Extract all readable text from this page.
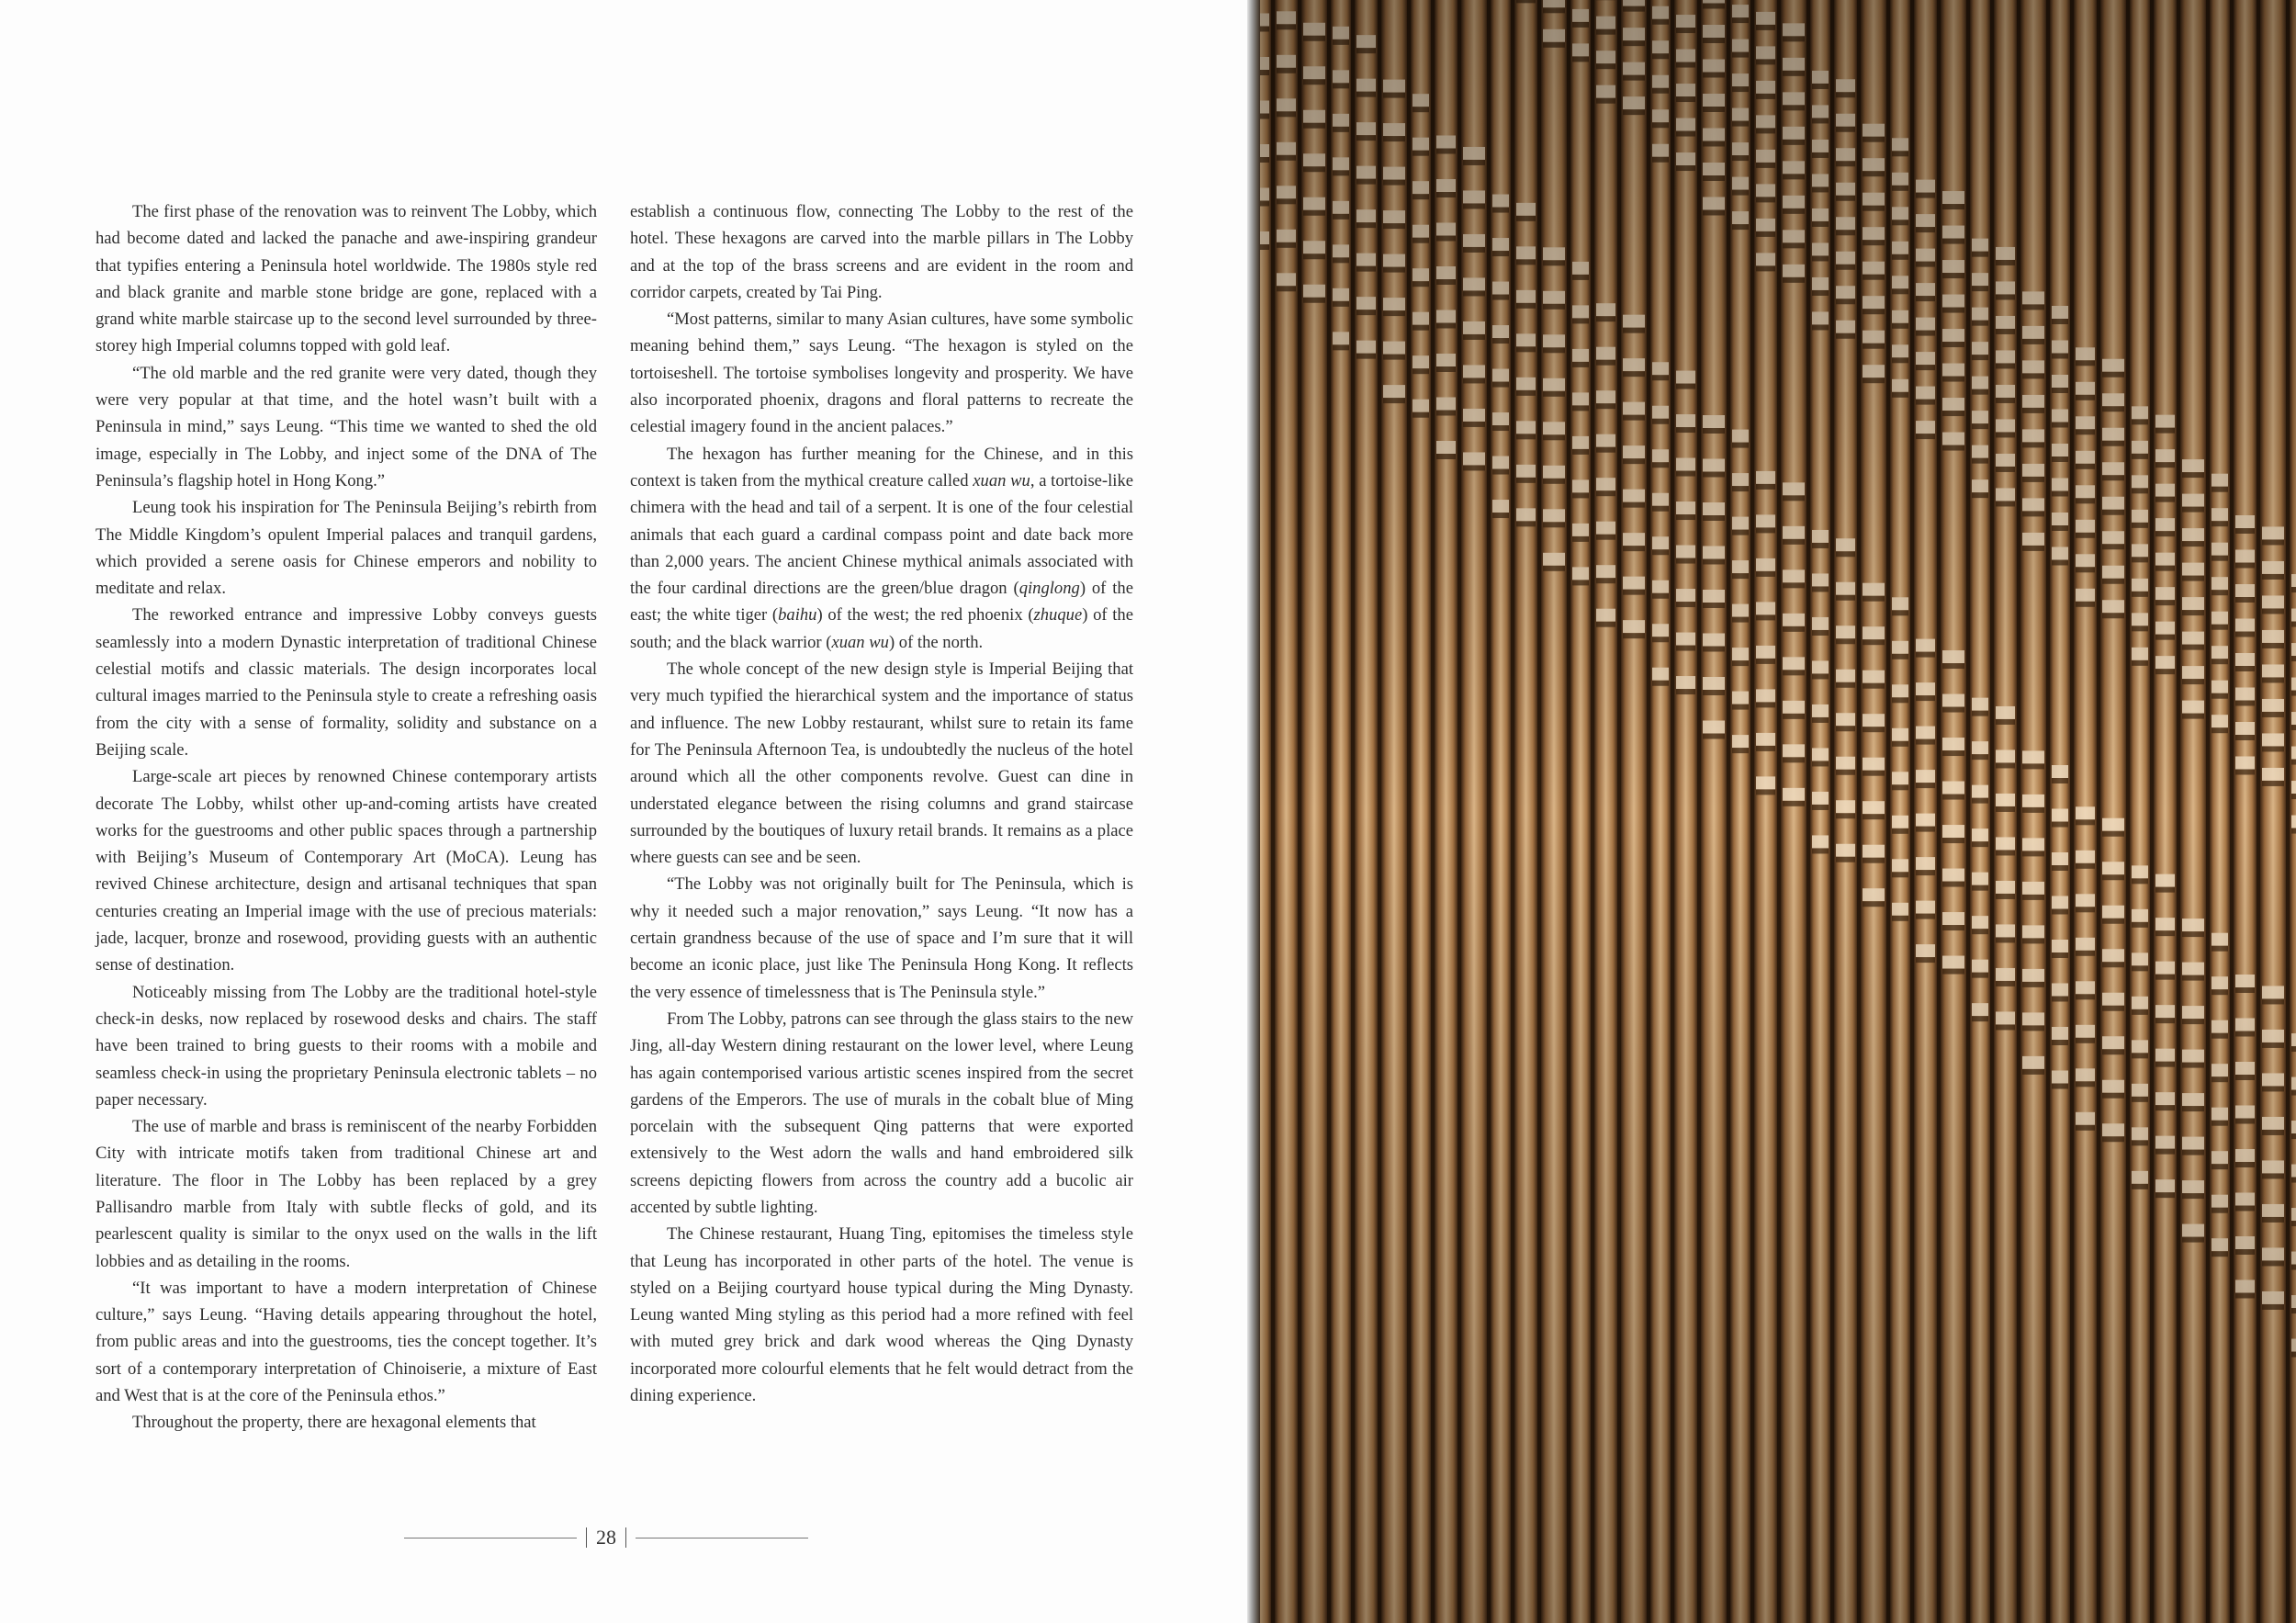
The first phase of the renovation was to reinvent The Lobby, which had become dated and lacked the panache and awe-inspiring grandeur that typifies entering a Peninsula hotel worldwide. The 1980s style red and black granite and marble stone bridge are gone, replaced with a grand white marble staircase up to the second level surrounded by three-storey high Imperial columns topped with gold leaf.

“The old marble and the red granite were very dated, though they were very popular at that time, and the hotel wasn’t built with a Peninsula in mind,” says Leung. “This time we wanted to shed the old image, especially in The Lobby, and inject some of the DNA of The Peninsula’s flagship hotel in Hong Kong.”

Leung took his inspiration for The Peninsula Beijing’s rebirth from The Middle Kingdom’s opulent Imperial palaces and tranquil gardens, which provided a serene oasis for Chinese emperors and nobility to meditate and relax.

The reworked entrance and impressive Lobby conveys guests seamlessly into a modern Dynastic interpretation of traditional Chinese celestial motifs and classic materials. The design incorporates local cultural images married to the Peninsula style to create a refreshing oasis from the city with a sense of formality, solidity and substance on a Beijing scale.

Large-scale art pieces by renowned Chinese contemporary artists decorate The Lobby, whilst other up-and-coming artists have created works for the guestrooms and other public spaces through a partnership with Beijing’s Museum of Contemporary Art (MoCA). Leung has revived Chinese architecture, design and artisanal techniques that span centuries creating an Imperial image with the use of precious materials: jade, lacquer, bronze and rosewood, providing guests with an authentic sense of destination.

Noticeably missing from The Lobby are the traditional hotel-style check-in desks, now replaced by rosewood desks and chairs. The staff have been trained to bring guests to their rooms with a mobile and seamless check-in using the proprietary Peninsula electronic tablets – no paper necessary.

The use of marble and brass is reminiscent of the nearby Forbidden City with intricate motifs taken from traditional Chinese art and literature. The floor in The Lobby has been replaced by a grey Pallisandro marble from Italy with subtle flecks of gold, and its pearlescent quality is similar to the onyx used on the walls in the lift lobbies and as detailing in the rooms.

“It was important to have a modern interpretation of Chinese culture,” says Leung. “Having details appearing throughout the hotel, from public areas and into the guestrooms, ties the concept together. It’s sort of a contemporary interpretation of Chinoiserie, a mixture of East and West that is at the core of the Peninsula ethos.”

Throughout the property, there are hexagonal elements that

establish a continuous flow, connecting The Lobby to the rest of the hotel. These hexagons are carved into the marble pillars in The Lobby and at the top of the brass screens and are evident in the room and corridor carpets, created by Tai Ping.

“Most patterns, similar to many Asian cultures, have some symbolic meaning behind them,” says Leung. “The hexagon is styled on the tortoiseshell. The tortoise symbolises longevity and prosperity. We have also incorporated phoenix, dragons and floral patterns to recreate the celestial imagery found in the ancient palaces.”

The hexagon has further meaning for the Chinese, and in this context is taken from the mythical creature called xuan wu, a tortoise-like chimera with the head and tail of a serpent. It is one of the four celestial animals that each guard a cardinal compass point and date back more than 2,000 years. The ancient Chinese mythical animals associated with the four cardinal directions are the green/blue dragon (qinglong) of the east; the white tiger (baihu) of the west; the red phoenix (zhuque) of the south; and the black warrior (xuan wu) of the north.

The whole concept of the new design style is Imperial Beijing that very much typified the hierarchical system and the importance of status and influence. The new Lobby restaurant, whilst sure to retain its fame for The Peninsula Afternoon Tea, is undoubtedly the nucleus of the hotel around which all the other components revolve. Guest can dine in understated elegance between the rising columns and grand staircase surrounded by the boutiques of luxury retail brands. It remains as a place where guests can see and be seen.

“The Lobby was not originally built for The Peninsula, which is why it needed such a major renovation,” says Leung. “It now has a certain grandness because of the use of space and I’m sure that it will become an iconic place, just like The Peninsula Hong Kong. It reflects the very essence of timelessness that is The Peninsula style.”

From The Lobby, patrons can see through the glass stairs to the new Jing, all-day Western dining restaurant on the lower level, where Leung has again contemporised various artistic scenes inspired from the secret gardens of the Emperors. The use of murals in the cobalt blue of Ming porcelain with the subsequent Qing patterns that were exported extensively to the West adorn the walls and hand embroidered silk screens depicting flowers from across the country add a bucolic air accented by subtle lighting.

The Chinese restaurant, Huang Ting, epitomises the timeless style that Leung has incorporated in other parts of the hotel. The venue is styled on a Beijing courtyard house typical during the Ming Dynasty. Leung wanted Ming styling as this period had a more refined with feel with muted grey brick and dark wood whereas the Qing Dynasty incorporated more colourful elements that he felt would detract from the dining experience.

28
